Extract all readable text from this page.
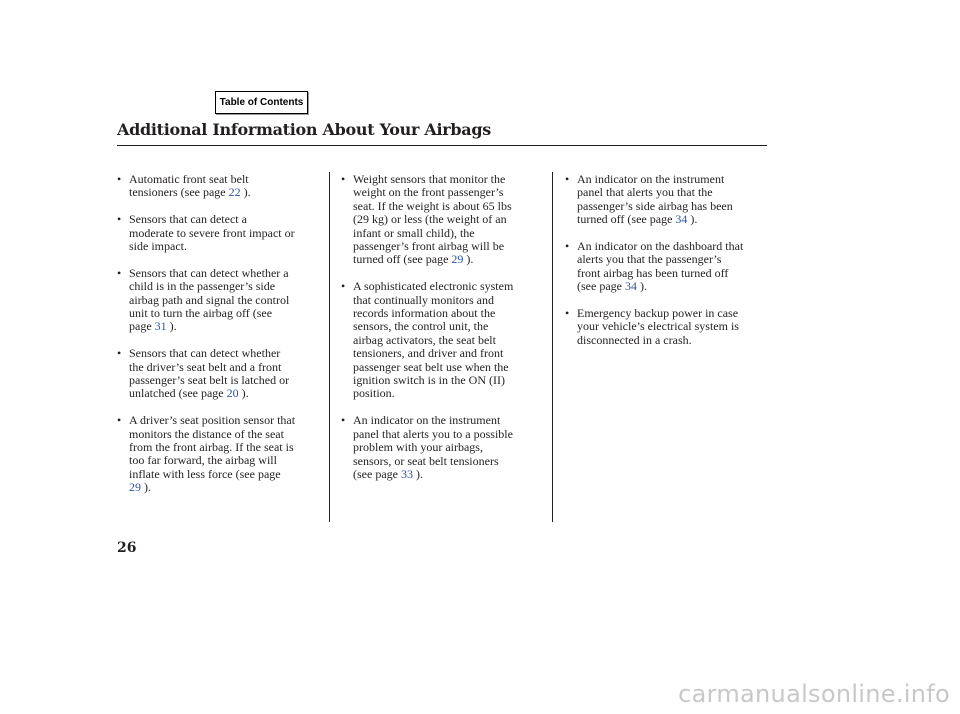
Table of Contents
Additional Information About Your Airbags
• Automatic front seat belt
tensioners (see page 22 ).
• Sensors that can detect a
moderate to severe front impact or
side impact.
• Sensors that can detect whether a
child is in the passenger’s side
airbag path and signal the control
unit to turn the airbag off (see
page 31 ).
• Sensors that can detect whether
the driver’s seat belt and a front
passenger’s seat belt is latched or
unlatched (see page 20 ).
• A driver’s seat position sensor that
monitors the distance of the seat
from the front airbag. If the seat is
too far forward, the airbag will
inflate with less force (see page
29 ).
• Weight sensors that monitor the
weight on the front passenger’s
seat. If the weight is about 65 lbs
(29 kg) or less (the weight of an
infant or small child), the
passenger’s front airbag will be
turned off (see page 29 ).
• A sophisticated electronic system
that continually monitors and
records information about the
sensors, the control unit, the
airbag activators, the seat belt
tensioners, and driver and front
passenger seat belt use when the
ignition switch is in the ON (II)
position.
• An indicator on the instrument
panel that alerts you to a possible
problem with your airbags,
sensors, or seat belt tensioners
(see page 33 ).
• An indicator on the instrument
panel that alerts you that the
passenger’s side airbag has been
turned off (see page 34 ).
• An indicator on the dashboard that
alerts you that the passenger’s
front airbag has been turned off
(see page 34 ).
• Emergency backup power in case
your vehicle’s electrical system is
disconnected in a crash.
26
carmanualsonline.info
